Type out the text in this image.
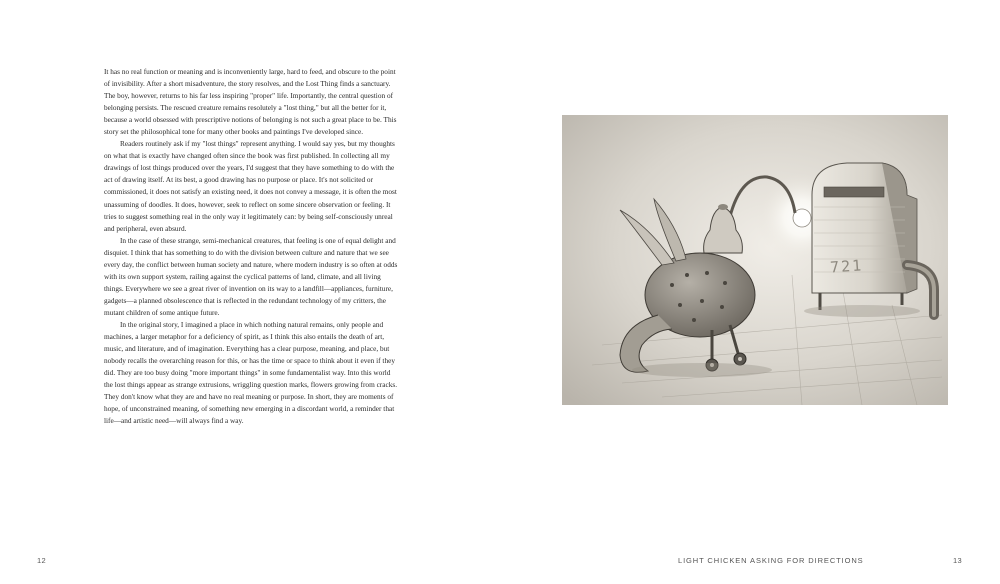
It has no real function or meaning and is inconveniently large, hard to feed, and obscure to the point of invisibility. After a short misadventure, the story resolves, and the Lost Thing finds a sanctuary. The boy, however, returns to his far less inspiring "proper" life. Importantly, the central question of belonging persists. The rescued creature remains resolutely a "lost thing," but all the better for it, because a world obsessed with prescriptive notions of belonging is not such a great place to be. This story set the philosophical tone for many other books and paintings I've developed since.

Readers routinely ask if my "lost things" represent anything. I would say yes, but my thoughts on what that is exactly have changed often since the book was first published. In collecting all my drawings of lost things produced over the years, I'd suggest that they have something to do with the act of drawing itself. At its best, a good drawing has no purpose or place. It's not solicited or commissioned, it does not satisfy an existing need, it does not convey a message, it is often the most unassuming of doodles. It does, however, seek to reflect on some sincere observation or feeling. It tries to suggest something real in the only way it legitimately can: by being self-consciously unreal and peripheral, even absurd.

In the case of these strange, semi-mechanical creatures, that feeling is one of equal delight and disquiet. I think that has something to do with the division between culture and nature that we see every day, the conflict between human society and nature, where modern industry is so often at odds with its own support system, railing against the cyclical patterns of land, climate, and all living things. Everywhere we see a great river of invention on its way to a landfill—appliances, furniture, gadgets—a planned obsolescence that is reflected in the redundant technology of my critters, the mutant children of some antique future.

In the original story, I imagined a place in which nothing natural remains, only people and machines, a larger metaphor for a deficiency of spirit, as I think this also entails the death of art, music, and literature, and of imagination. Everything has a clear purpose, meaning, and place, but nobody recalls the overarching reason for this, or has the time or space to think about it even if they did. They are too busy doing "more important things" in some fundamentalist way. Into this world the lost things appear as strange extrusions, wriggling question marks, flowers growing from cracks. They don't know what they are and have no real meaning or purpose. In short, they are moments of hope, of unconstrained meaning, of something new emerging in a discordant world, a reminder that life—and artistic need—will always find a way.

721
12	LIGHT CHICKEN ASKING FOR DIRECTIONS	13
